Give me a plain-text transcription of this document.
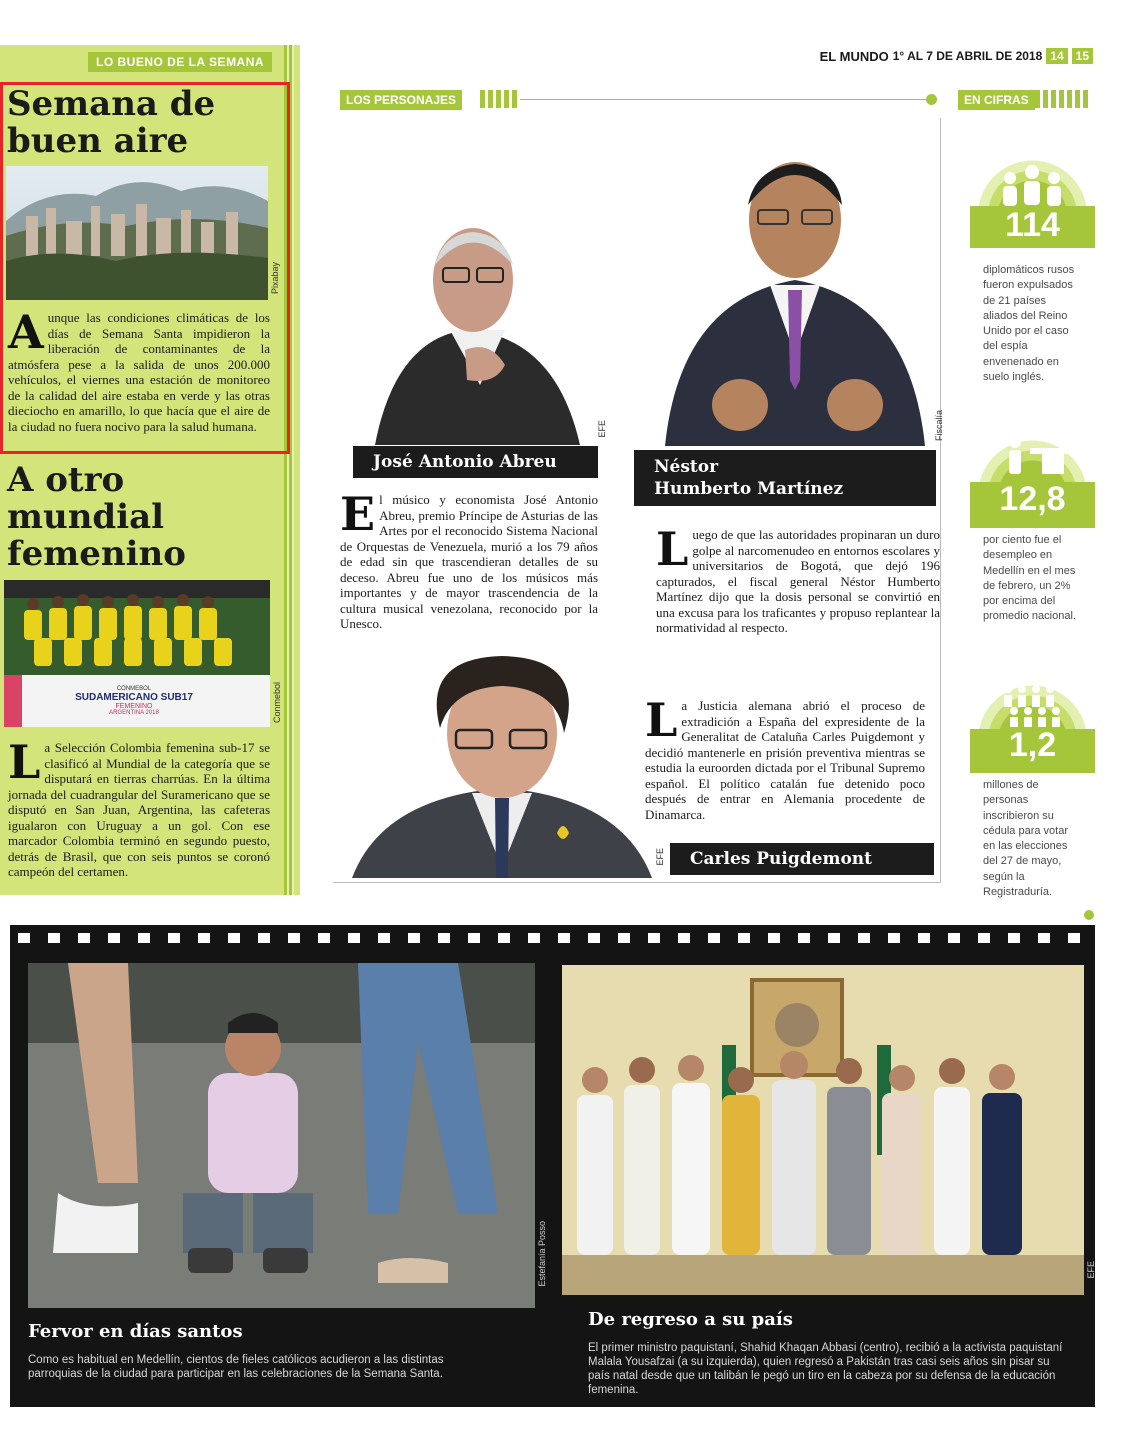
EL MUNDO 1° AL 7 DE ABRIL DE 2018 14	15
LO BUENO DE LA SEMANA
Semana de
buen aire
Pixabay
A unque las condiciones climáticas de los días de Semana Santa impidieron la liberación de contaminantes de la atmósfera pese a la salida de unos 200.000 vehículos, el viernes una estación de monitoreo de la calidad del aire estaba en verde y las otras dieciocho en amarillo, lo que hacía que el aire de la ciudad no fuera nocivo para la salud humana.
A otro
mundial
femenino
CONMEBOL
SUDAMERICANO SUB17
FEMENINO
ARGENTINA 2018	Conmebol
L a Selección Colombia femenina sub-17 se clasificó al Mundial de la categoría que se disputará en tierras charrúas. En la última jornada del cuadrangular del Suramericano que se disputó en San Juan, Argentina, las cafeteras igualaron con Uruguay a un gol. Con ese marcador Colombia terminó en segundo puesto, detrás de Brasil, que con seis puntos se coronó campeón del certamen.
LOS PERSONAJES
EFE
José Antonio Abreu
E l músico y economista José Antonio Abreu, premio Príncipe de Asturias de las Artes por el reconocido Sistema Nacional de Orquestas de Venezuela, murió a los 79 años de edad sin que trascendieran detalles de su deceso. Abreu fue uno de los músicos más importantes y de mayor trascendencia de la cultura musical venezolana, reconocido por la Unesco.
Fiscalía
Néstor
Humberto Martínez
L uego de que las autoridades propinaran un duro golpe al narcomenudeo en entornos escolares y universitarios de Bogotá, que dejó 196 capturados, el fiscal general Néstor Humberto Martínez dijo que la dosis personal se convirtió en una excusa para los traficantes y propuso replantear la normatividad al respecto.
EFE
L a Justicia alemana abrió el proceso de extradición a España del expresidente de la Generalitat de Cataluña Carles Puigdemont y decidió mantenerle en prisión preventiva mientras se estudia la euroorden dictada por el Tribunal Supremo español. El político catalán fue detenido poco después de entrar en Alemania procedente de Dinamarca.
Carles Puigdemont
EN CIFRAS
114
diplomáticos rusos fueron expulsados de 21 países aliados del Reino Unido por el caso del espía envenenado en suelo inglés.
12,8
por ciento fue el desempleo en Medellín en el mes de febrero, un 2% por encima del promedio nacional.
1,2
millones de personas inscribieron su cédula para votar en las elecciones del 27 de mayo, según la Registraduría.
Estefanía Posso
Fervor en días santos
Como es habitual en Medellín, cientos de fieles católicos acudieron a las distintas parroquias de la ciudad para participar en las celebraciones de la Semana Santa.
EFE
De regreso a su país
El primer ministro paquistaní, Shahid Khaqan Abbasi (centro), recibió a la activista paquistaní Malala Yousafzai (a su izquierda), quien regresó a Pakistán tras casi seis años sin pisar su país natal desde que un talibán le pegó un tiro en la cabeza por su defensa de la educación femenina.
